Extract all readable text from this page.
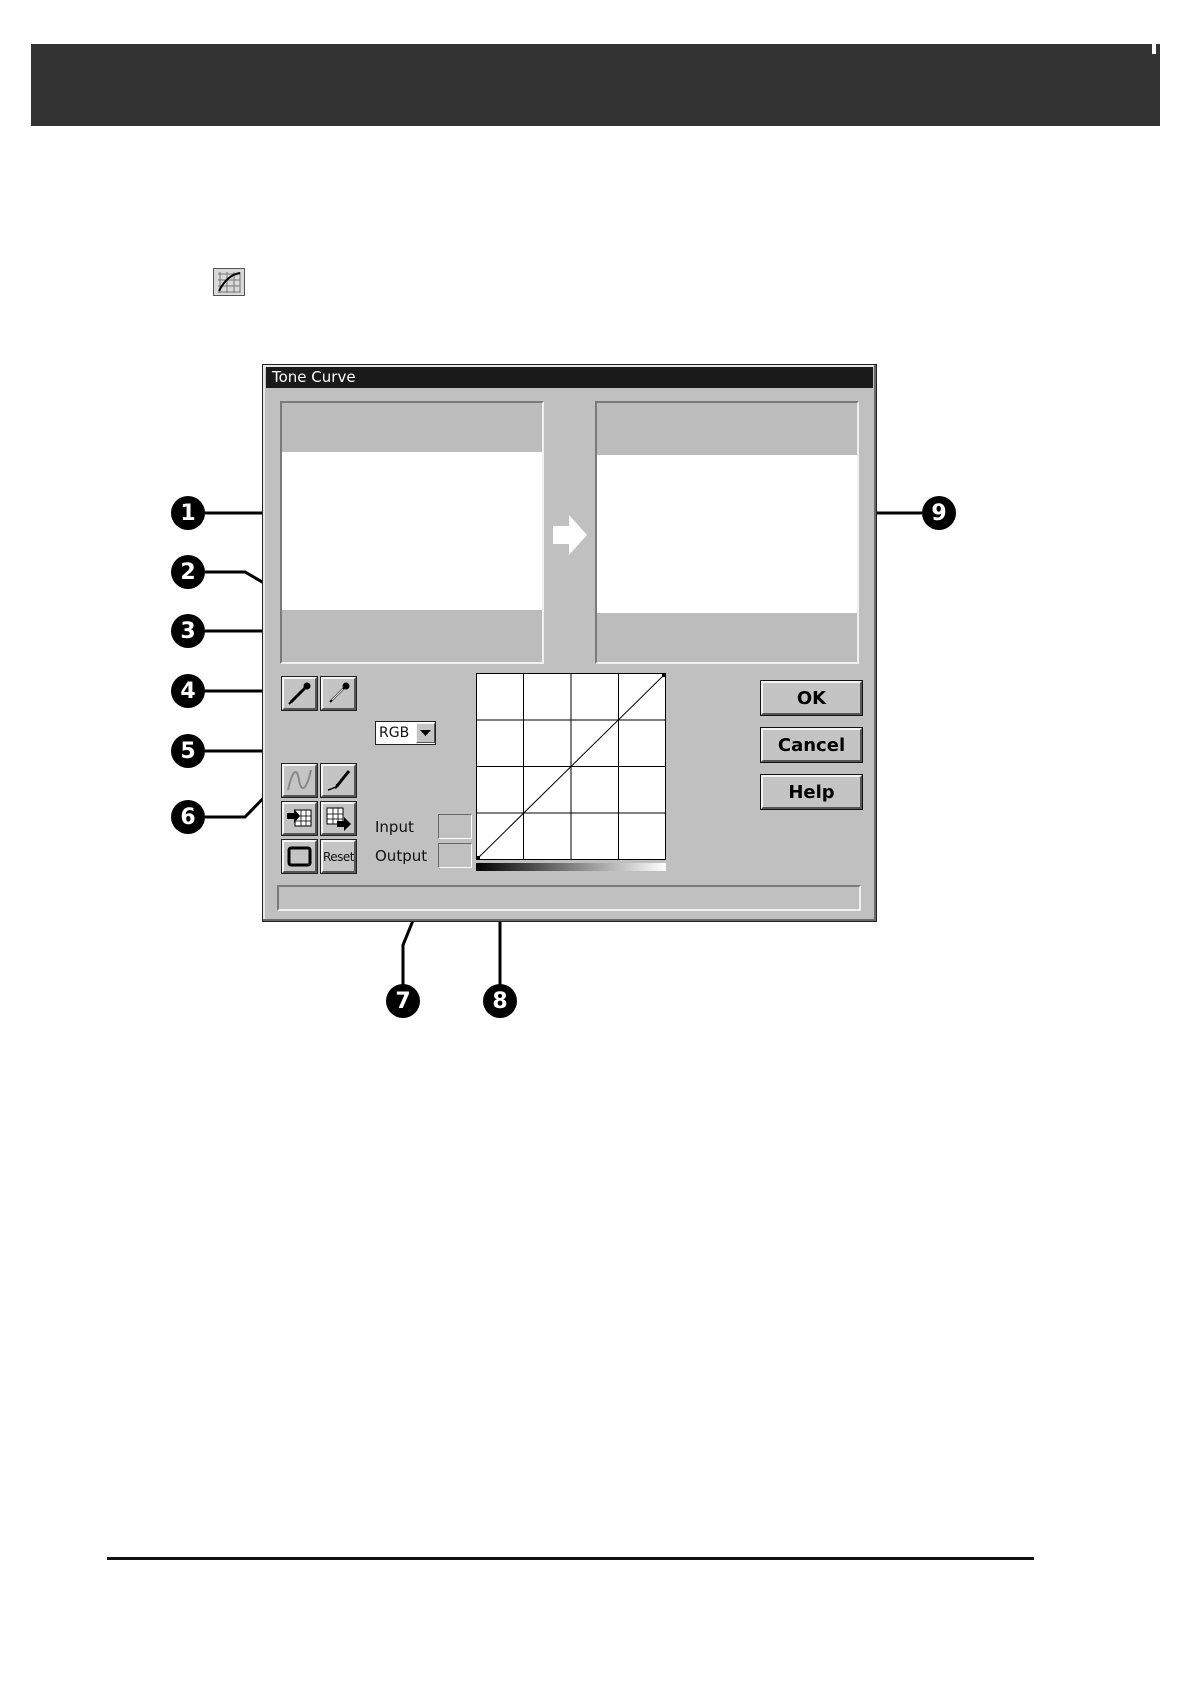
Tone Curve
RGB
Reset
Input
Output
OK
Cancel
Help
1
2
3
4
5
6
7	8
9
